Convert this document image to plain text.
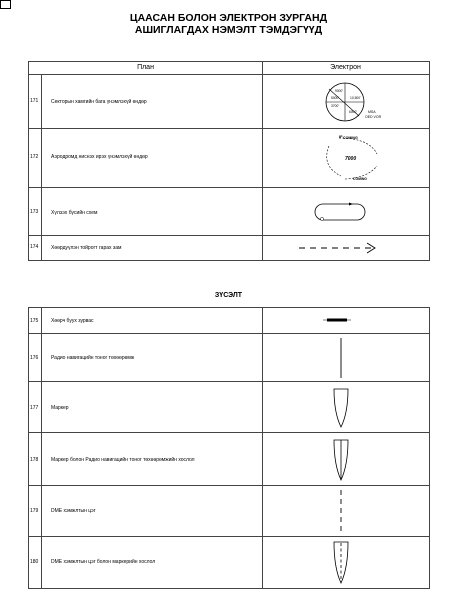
ЦААСАН БОЛОН ЭЛЕКТРОН ЗУРГАНД
АШИГЛАГДАХ НЭМЭЛТ ТЭМДЭГҮҮД
План	Электрон
171	Секторын хамгийн бага үнэмлэхүй өндөр
9000'
5000'	10,500'
3700'
6000'	MSA
OED VOR
172	Аэродромд ниснэх ирэх үнэмлэхүй өндөр
COMING
7000
COMING
IF
173	Хүлээх бүсийн схем
174	Хөөрдүүлэн тойрогт гарах зам
ЗҮСЭЛТ
175	Хөөрч буух зурвас
176	Радио навигацийн тоног төхөөрөмж
177	Маркер
178	Маркер болон Радио навигацийн тоног төхөөрөмжийн хослол
179	DME хэмжлтын цэг
180	DME хэмжлтын цэг болон маркерийн хослол
